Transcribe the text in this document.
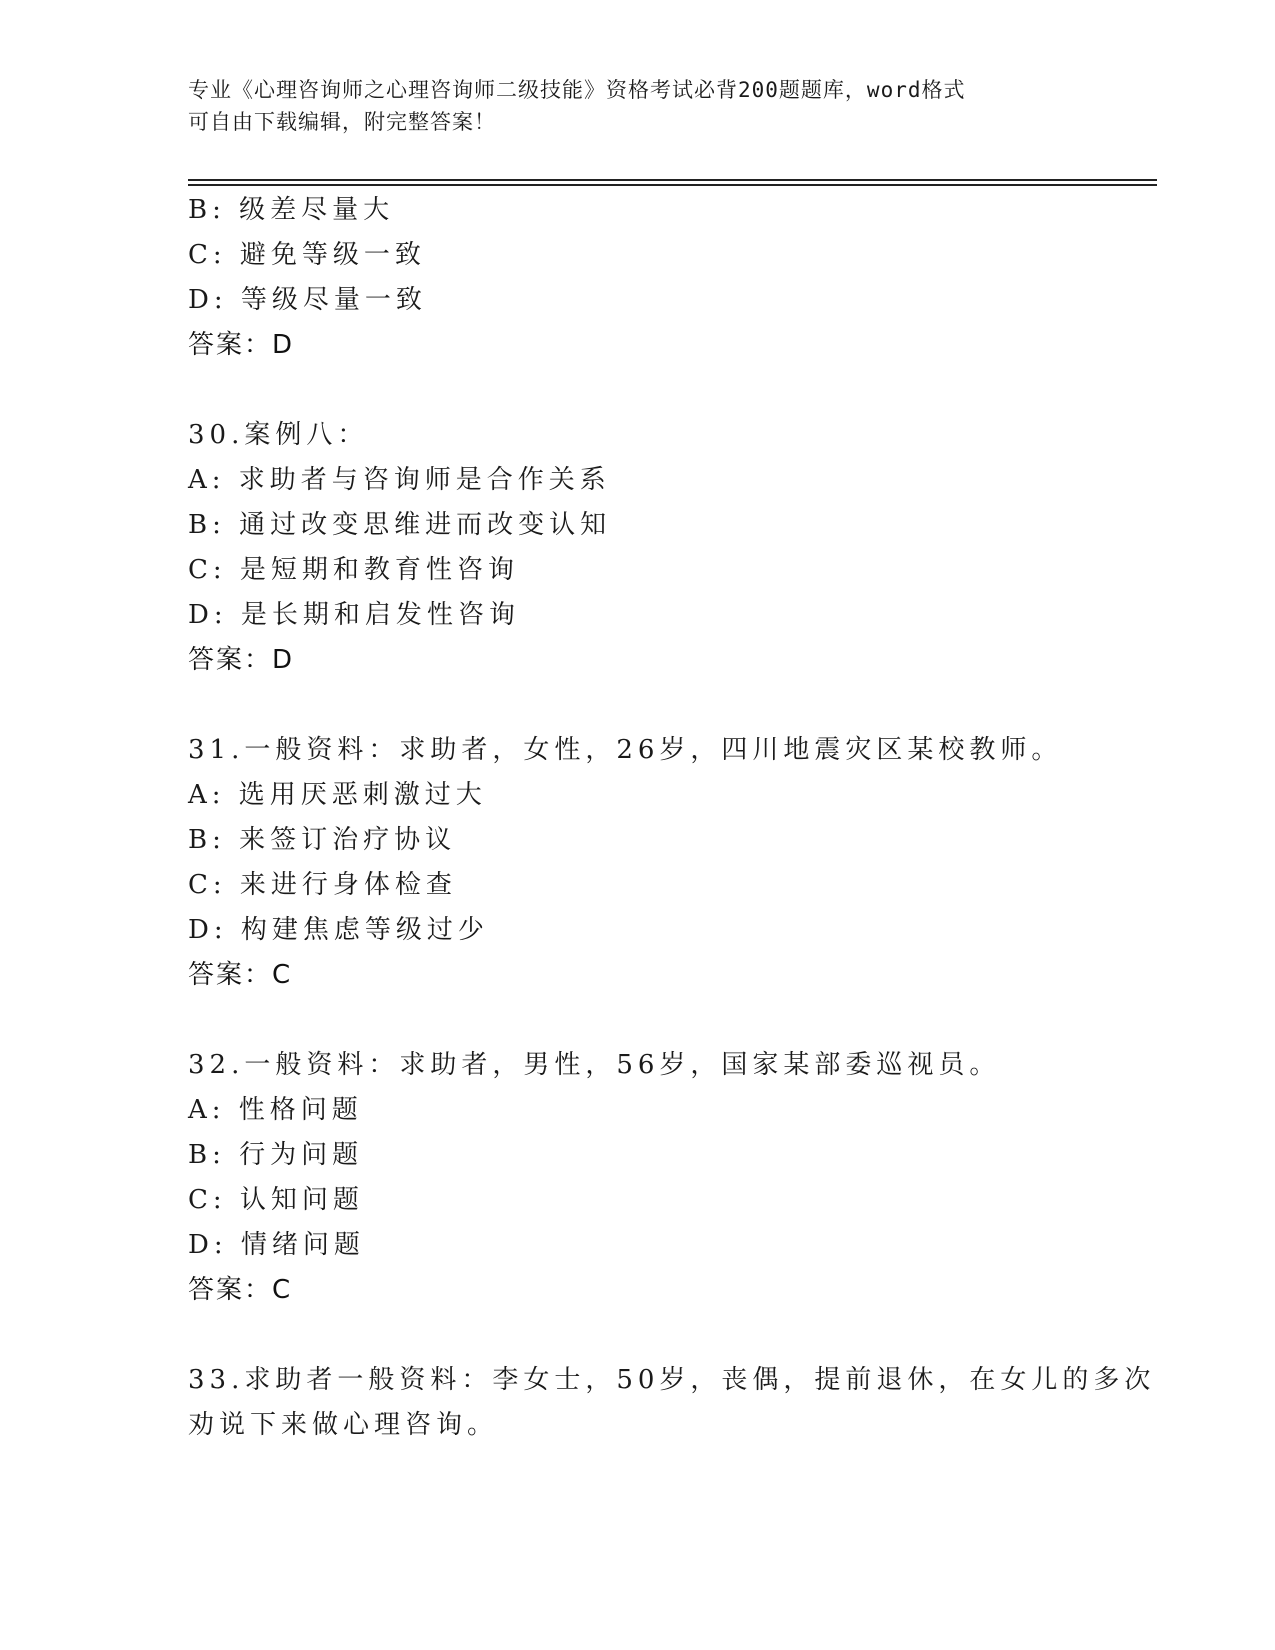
专业《心理咨询师之心理咨询师二级技能》资格考试必背200题题库，word格式
可自由下载编辑，附完整答案！
B: 级差尽量大
C: 避免等级一致
D: 等级尽量一致
答案：D
30.案例八：
A: 求助者与咨询师是合作关系
B: 通过改变思维进而改变认知
C: 是短期和教育性咨询
D: 是长期和启发性咨询
答案：D
31.一般资料：求助者，女性，26岁，四川地震灾区某校教师。
A: 选用厌恶刺激过大
B: 来签订治疗协议
C: 来进行身体检查
D: 构建焦虑等级过少
答案：C
32.一般资料：求助者，男性，56岁，国家某部委巡视员。
A: 性格问题
B: 行为问题
C: 认知问题
D: 情绪问题
答案：C
33.求助者一般资料：李女士，50岁，丧偶，提前退休，在女儿的多次
劝说下来做心理咨询。
